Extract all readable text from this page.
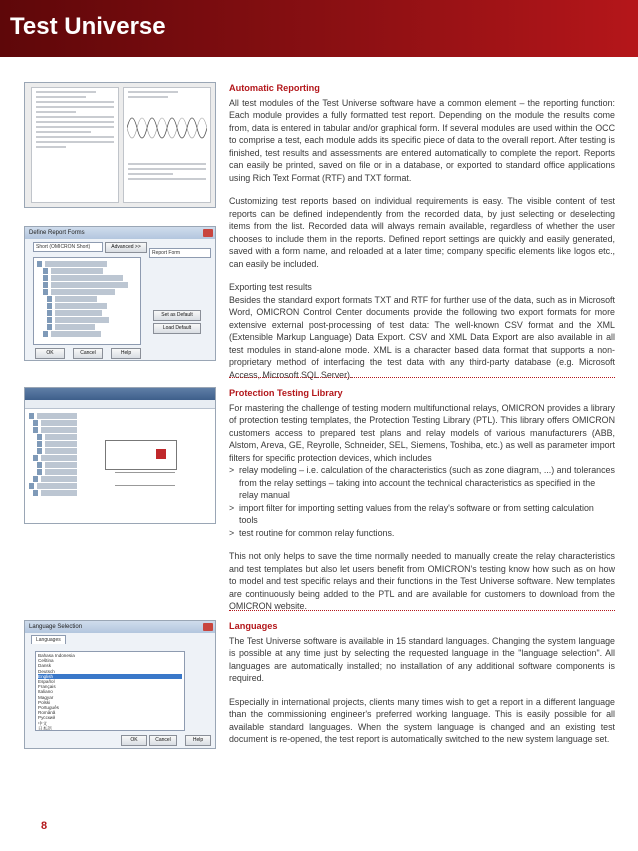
Test Universe
Define Report Forms
Short (OMICRON Short)	Advanced >>
Report Form
Set as Default
Load Default
OK	Cancel	Help
Language Selection
Languages
Bahasa Indonesia
Ceština
Dansk
Deutsch
English
Español
Français
Italiano
Magyar
Polski
Português
Română
Русский
中文
日本語
OK	Cancel	Help
Automatic Reporting

All test modules of the Test Universe software have a common element – the reporting function: Each module provides a fully formatted test report. Depending on the module the results come from, data is entered in tabular and/or graphical form. If several modules are used within the OCC to comprise a test, each module adds its specific piece of data to the overall report. After testing is finished, test results and assessments are entered automatically to complete the report. Reports can easily be printed, saved on file or in a database, or exported to standard office applications using Rich Text Format (RTF) and TXT format.

Customizing test reports based on individual requirements is easy. The visible content of test reports can be defined independently from the recorded data, by just selecting or deselecting items from the list. Recorded data will always remain available, regardless of whether the user chooses to include them in the reports. Defined report settings are quickly and easily generated, saved with a form name, and reloaded at a later time; company specific elements like logos etc., can easily be included.

Exporting test results

Besides the standard export formats TXT and RTF for further use of the data, such as in Microsoft Word, OMICRON Control Center documents provide the following two export formats for more extensive external post-processing of test data: The well-known CSV format and the XML (Extensible Markup Language) Data Export. CSV and XML Data Export are also available in all test modules in stand-alone mode. XML is a character based data format that supports a non-proprietary method of interfacing the test data with any third-party database (e.g. Microsoft Access, Microsoft SQL Server).

Protection Testing Library

For mastering the challenge of testing modern multifunctional relays, OMICRON provides a library of protection testing templates, the Protection Testing Library (PTL). This library offers OMICRON customers access to prepared test plans and relay models of various manufacturers (ABB, Alstom, Areva, GE, Reyrolle, Schneider, SEL, Siemens, Toshiba, etc.) as well as parameter import filters for specific protection devices, which includes

> relay modeling – i.e. calculation of the characteristics (such as zone diagram, ...) and tolerances from the relay settings – taking into account the technical characteristics as specified in the relay manual
> import filter for importing setting values from the relay's software or from setting calculation tools
> test routine for common relay functions.

This not only helps to save the time normally needed to manually create the relay characteristics and test templates but also let users benefit from OMICRON's testing know how such as on how to model and test specific relays and their functions in the Test Universe software. New templates are continuously being added to the PTL and are available for customers to download from the OMICRON website.

Languages

The Test Universe software is available in 15 standard languages. Changing the system language is possible at any time just by selecting the requested language in the "language selection". All languages are automatically installed; no installation of any additional software components is required.

Especially in international projects, clients many times wish to get a report in a different language than the commissioning engineer's preferred working language. This is easily possible for all available standard languages. When the system language is changed and an existing test document is re-opened, the test report is automatically switched to the new system language set.

8
